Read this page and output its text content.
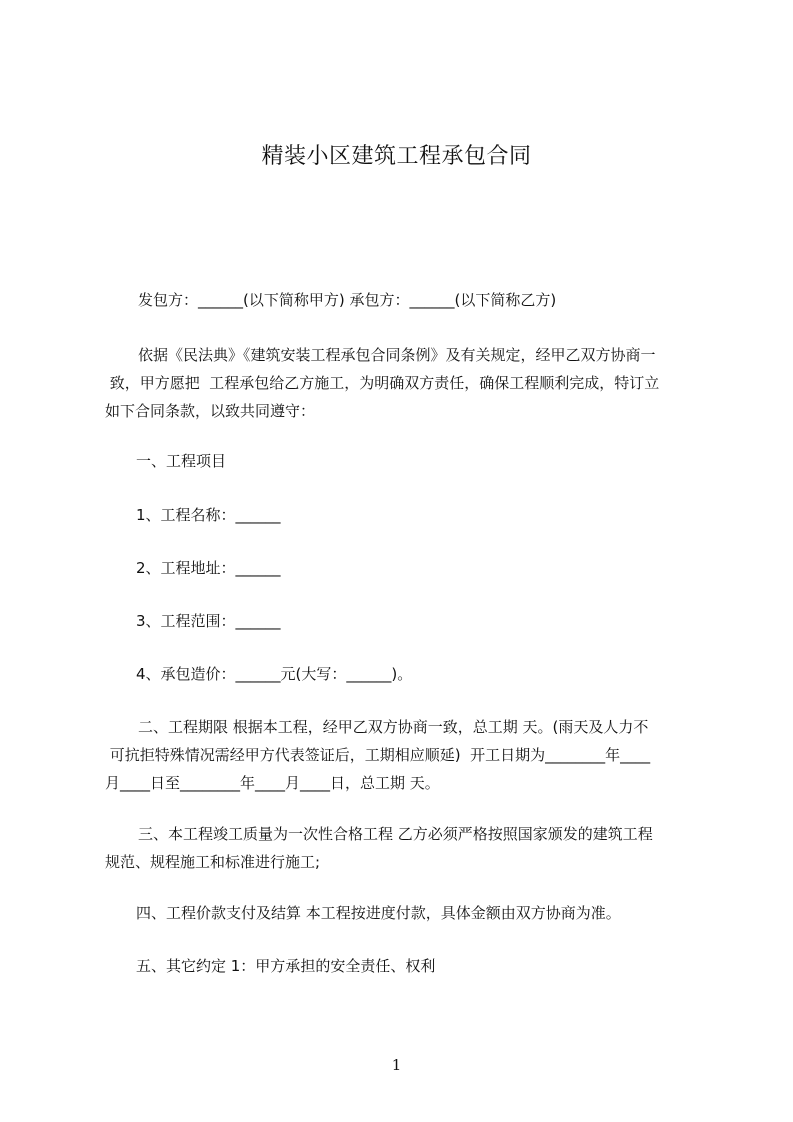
精装小区建筑工程承包合同
发包方：______(以下简称甲方) 承包方：______(以下简称乙方)
依据《民法典》《建筑安装工程承包合同条例》及有关规定，经甲乙双方协商一
致，甲方愿把  工程承包给乙方施工，为明确双方责任，确保工程顺利完成，特订立
如下合同条款，以致共同遵守：
一、工程项目
1、工程名称：______
2、工程地址：______
3、工程范围：______
4、承包造价：______元(大写：______)。
二、工程期限 根据本工程，经甲乙双方协商一致，总工期 天。(雨天及人力不
可抗拒特殊情况需经甲方代表签证后，工期相应顺延)  开工日期为________年____
月____日至________年____月____日，总工期 天。
三、本工程竣工质量为一次性合格工程 乙方必须严格按照国家颁发的建筑工程
规范、规程施工和标准进行施工;
四、工程价款支付及结算 本工程按进度付款，具体金额由双方协商为准。
五、其它约定 1：甲方承担的安全责任、权利
1
